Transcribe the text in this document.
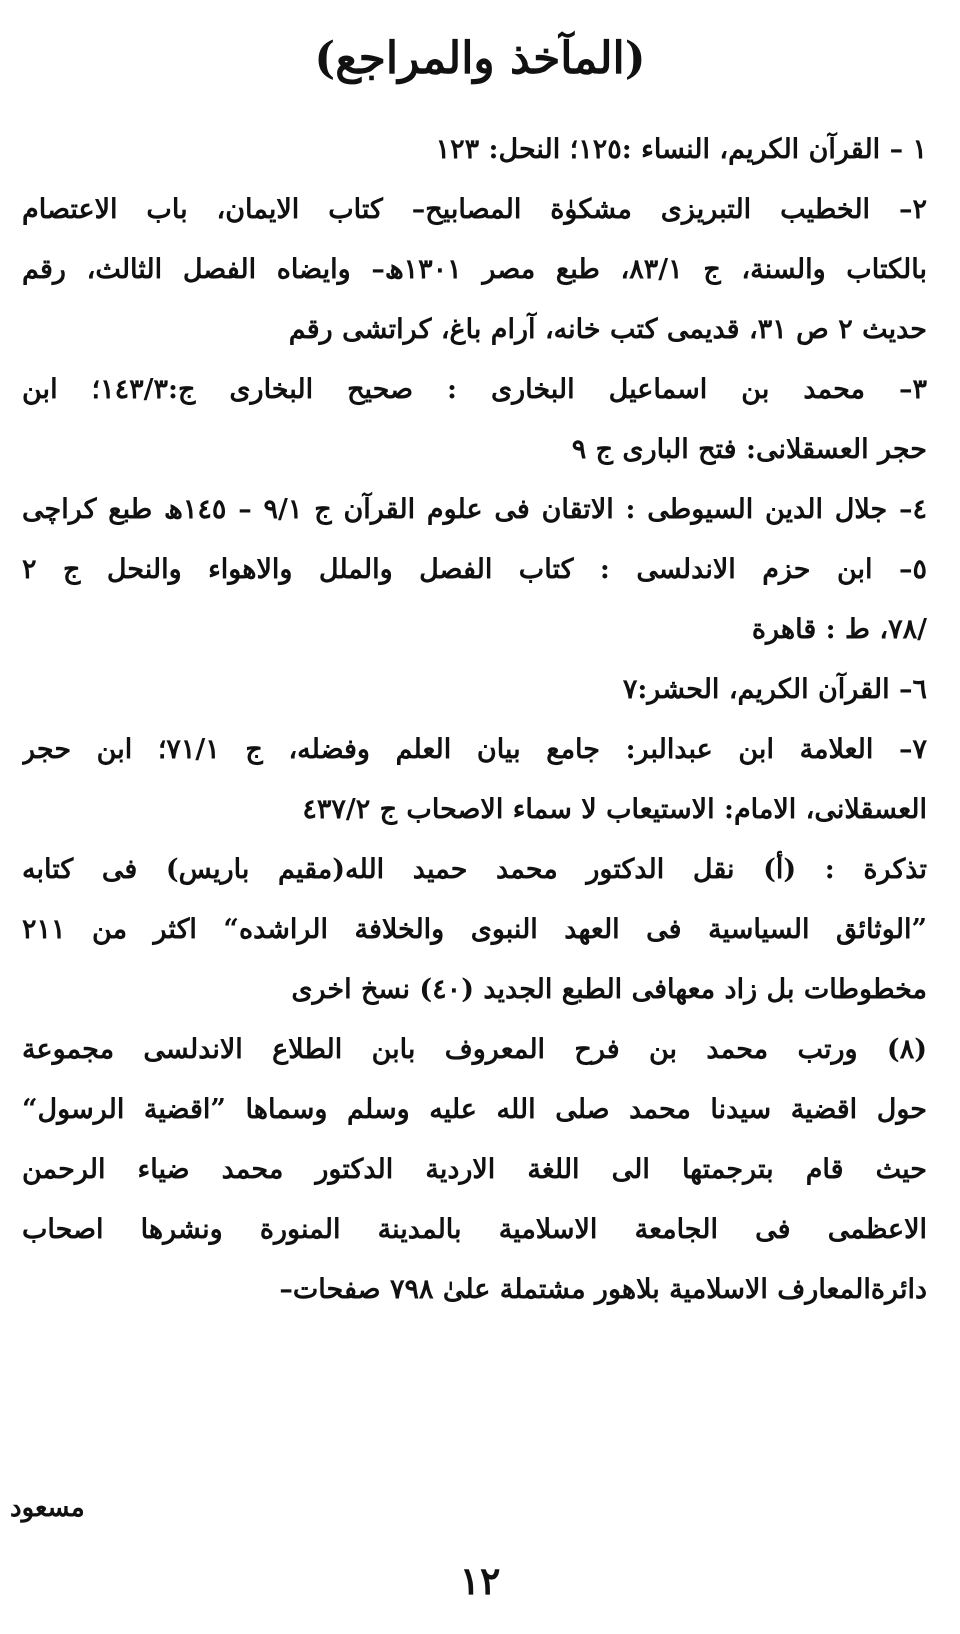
(المآخذ والمراجع)
١ – القرآن الكريم، النساء :١٢٥؛ النحل: ١٢٣
٢– الخطيب التبريزى مشكوٰة المصابيح– كتاب الايمان، باب الاعتصام
بالكتاب والسنة، ج ٨٣/١، طبع مصر ١٣٠١ھ– وايضاه الفصل الثالث، رقم
حديث ٢ ص ٣١، قديمى كتب خانه، آرام باغ، كراتشى رقم
٣– محمد بن اسماعيل البخارى : صحيح البخارى ج:١٤٣/٣؛ ابن
حجر العسقلانى: فتح البارى ج ٩
٤– جلال الدين السيوطى : الاتقان فى علوم القرآن ج ٩/١ – ١٤٥ھ طبع كراچى
٥– ابن حزم الاندلسى : كتاب الفصل والملل والاهواء والنحل ج ٢
/٧٨، ط : قاهرة
٦– القرآن الكريم، الحشر:٧
٧– العلامة ابن عبدالبر: جامع بيان العلم وفضله، ج ٧١/١؛ ابن حجر
العسقلانى، الامام: الاستيعاب لا سماء الاصحاب ج ٤٣٧/٢
تذكرة : (أ) نقل الدكتور محمد حميد الله(مقيم باريس) فى كتابه
”الوثائق السياسية فى العهد النبوى والخلافة الراشده“ اكثر من ٢١١
مخطوطات بل زاد معهافى الطبع الجديد (٤٠) نسخ اخرى
(٨) ورتب محمد بن فرح المعروف بابن الطلاع الاندلسى مجموعة
حول اقضية سيدنا محمد صلى الله عليه وسلم وسماها ”اقضية الرسول“
حيث قام بترجمتها الى اللغة الاردية الدكتور محمد ضياء الرحمن
الاعظمى فى الجامعة الاسلامية بالمدينة المنورة ونشرها اصحاب
دائرةالمعارف الاسلامية بلاهور مشتملة علىٰ ٧٩٨ صفحات–
مسعود
۱۲
